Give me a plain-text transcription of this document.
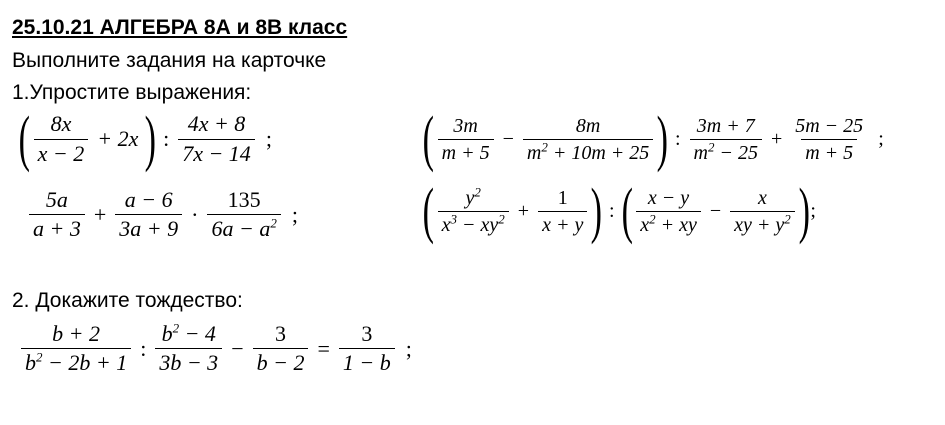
25.10.21 АЛГЕБРА 8А и 8В класс
Выполните задания на карточке
1.Упростите выражения:
( $\frac{8x}{x - 2} + 2x$ ) : $\frac{4x + 8}{7x - 14}$ ;
$\frac{5a}{a + 3} + \frac{a - 6}{3a + 9} \cdot \frac{135}{6a - a^2}$ ;
( $\frac{3m}{m + 5} - \frac{8m}{m^2 + 10m + 25}$ ) : $\frac{3m + 7}{m^2 - 25} + \frac{5m - 25}{m + 5}$ ;
( $\frac{y^2}{x^3 - xy^2} + \frac{1}{x + y}$ ) : ( $\frac{x - y}{x^2 + xy} - \frac{x}{xy + y^2}$ ) ;
2. Докажите тождество:
$\frac{b + 2}{b^2 - 2b + 1}$ : $\frac{b^2 - 4}{3b - 3} - \frac{3}{b - 2} = \frac{3}{1 - b}$ ;
